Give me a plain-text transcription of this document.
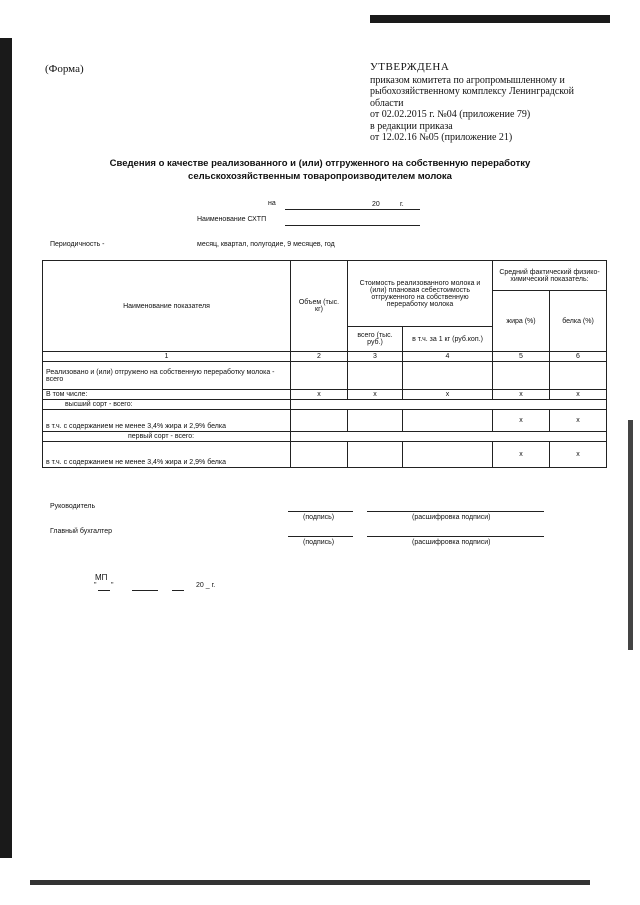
(Форма)	УТВЕРЖДЕНА
приказом комитета по агропромышленному и
рыбохозяйственному комплексу Ленинградской
области
от 02.02.2015 г. №04 (приложение 79)
в редакции приказа
от 12.02.16 №05 (приложение 21)
Сведения о качестве реализованного и (или) отгруженного на собственную переработку
сельскохозяйственным товаропроизводителем молока
на	20	г.
Наименование СХТП
Периодичность -	месяц, квартал, полугодие, 9 месяцев, год
Наименование показателя	Объем (тыс. кг)	Стоимость реализованного молока и (или) плановая себестоимость отгруженного на собственную переработку молока		Средний фактический физико-химический показатель:	
				жира (%)	белка (%)
		всего (тыс. руб.)	в т.ч. за 1 кг (руб.коп.)		
1	2	3	4	5	6
Реализовано и (или) отгружено на собственную переработку молока - всего					
В том числе:	х	х	х	х	х
высший сорт - всего:					
в т.ч. с содержанием не менее 3,4% жира и 2,9% белка				х	х
первый сорт - всего:					
в т.ч. с содержанием не менее 3,4% жира и 2,9% белка				х	х
Руководитель
(подпись)	(расшифровка подписи)
Главный бухгалтер
(подпись)	(расшифровка подписи)
МП
" "	20 _ г.
